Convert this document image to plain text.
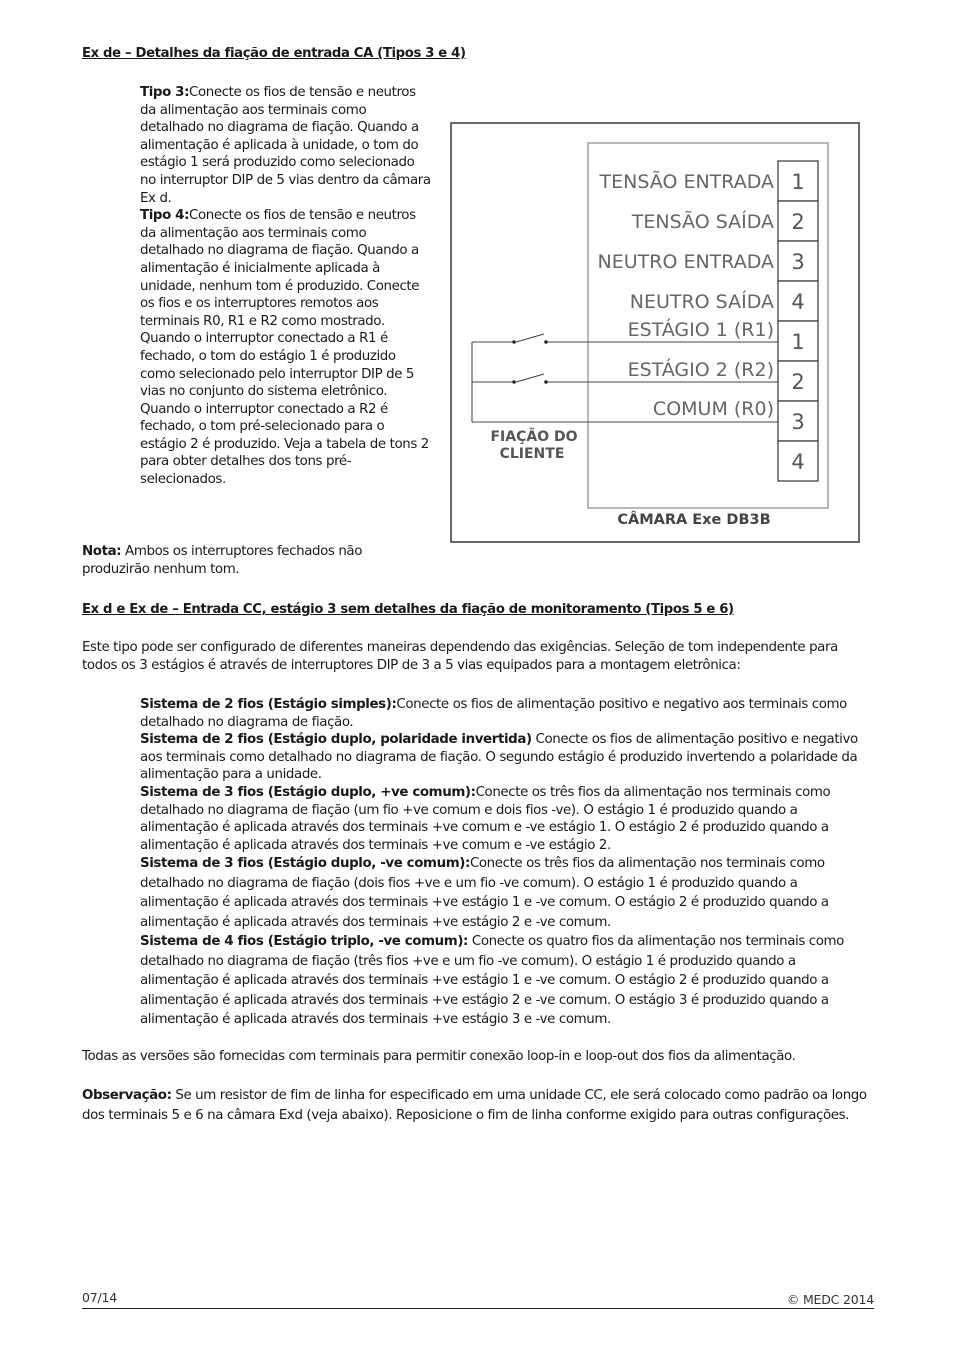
Ex de – Detalhes da fiação de entrada CA (Tipos 3 e 4)

Tipo 3:Conecte os fios de tensão e neutros da alimentação aos terminais como detalhado no diagrama de fiação. Quando a alimentação é aplicada à unidade, o tom do estágio 1 será produzido como selecionado no interruptor DIP de 5 vias dentro da câmara Ex d.

Tipo 4:Conecte os fios de tensão e neutros da alimentação aos terminais como detalhado no diagrama de fiação. Quando a alimentação é inicialmente aplicada à unidade, nenhum tom é produzido. Conecte os fios e os interruptores remotos aos terminais R0, R1 e R2 como mostrado. Quando o interruptor conectado a R1 é fechado, o tom do estágio 1 é produzido como selecionado pelo interruptor DIP de 5 vias no conjunto do sistema eletrônico. Quando o interruptor conectado a R2 é fechado, o tom pré-selecionado para o estágio 2 é produzido. Veja a tabela de tons 2 para obter detalhes dos tons pré-selecionados.

Nota: Ambos os interruptores fechados não produzirão nenhum tom.
1
2
3
4
1
2
3
4
TENSÃO ENTRADA
TENSÃO SAÍDA
NEUTRO ENTRADA
NEUTRO SAÍDA
ESTÁGIO 1 (R1)
ESTÁGIO 2 (R2)
COMUM (R0)
FIAÇÃO DO
CLIENTE
CÂMARA Exe DB3B
Ex d e Ex de – Entrada CC, estágio 3 sem detalhes da fiação de monitoramento (Tipos 5 e 6)
Este tipo pode ser configurado de diferentes maneiras dependendo das exigências. Seleção de tom independente para todos os 3 estágios é através de interruptores DIP de 3 a 5 vias equipados para a montagem eletrônica:

Sistema de 2 fios (Estágio simples):Conecte os fios de alimentação positivo e negativo aos terminais como detalhado no diagrama de fiação.

Sistema de 2 fios (Estágio duplo, polaridade invertida) Conecte os fios de alimentação positivo e negativo aos terminais como detalhado no diagrama de fiação. O segundo estágio é produzido invertendo a polaridade da alimentação para a unidade.

Sistema de 3 fios (Estágio duplo, +ve comum):Conecte os três fios da alimentação nos terminais como detalhado no diagrama de fiação (um fio +ve comum e dois fios -ve). O estágio 1 é produzido quando a alimentação é aplicada através dos terminais +ve comum e -ve estágio 1. O estágio 2 é produzido quando a alimentação é aplicada através dos terminais +ve comum e -ve estágio 2.

Sistema de 3 fios (Estágio duplo, -ve comum):Conecte os três fios da alimentação nos terminais como detalhado no diagrama de fiação (dois fios +ve e um fio -ve comum). O estágio 1 é produzido quando a alimentação é aplicada através dos terminais +ve estágio 1 e -ve comum. O estágio 2 é produzido quando a alimentação é aplicada através dos terminais +ve estágio 2 e -ve comum.

Sistema de 4 fios (Estágio triplo, -ve comum): Conecte os quatro fios da alimentação nos terminais como detalhado no diagrama de fiação (três fios +ve e um fio -ve comum). O estágio 1 é produzido quando a alimentação é aplicada através dos terminais +ve estágio 1 e -ve comum. O estágio 2 é produzido quando a alimentação é aplicada através dos terminais +ve estágio 2 e -ve comum. O estágio 3 é produzido quando a alimentação é aplicada através dos terminais +ve estágio 3 e -ve comum.

Todas as versões são fornecidas com terminais para permitir conexão loop-in e loop-out dos fios da alimentação.
Observação: Se um resistor de fim de linha for especificado em uma unidade CC, ele será colocado como padrão oa longo dos terminais 5 e 6 na câmara Exd (veja abaixo). Reposicione o fim de linha conforme exigido para outras configurações.
07/14	© MEDC 2014
